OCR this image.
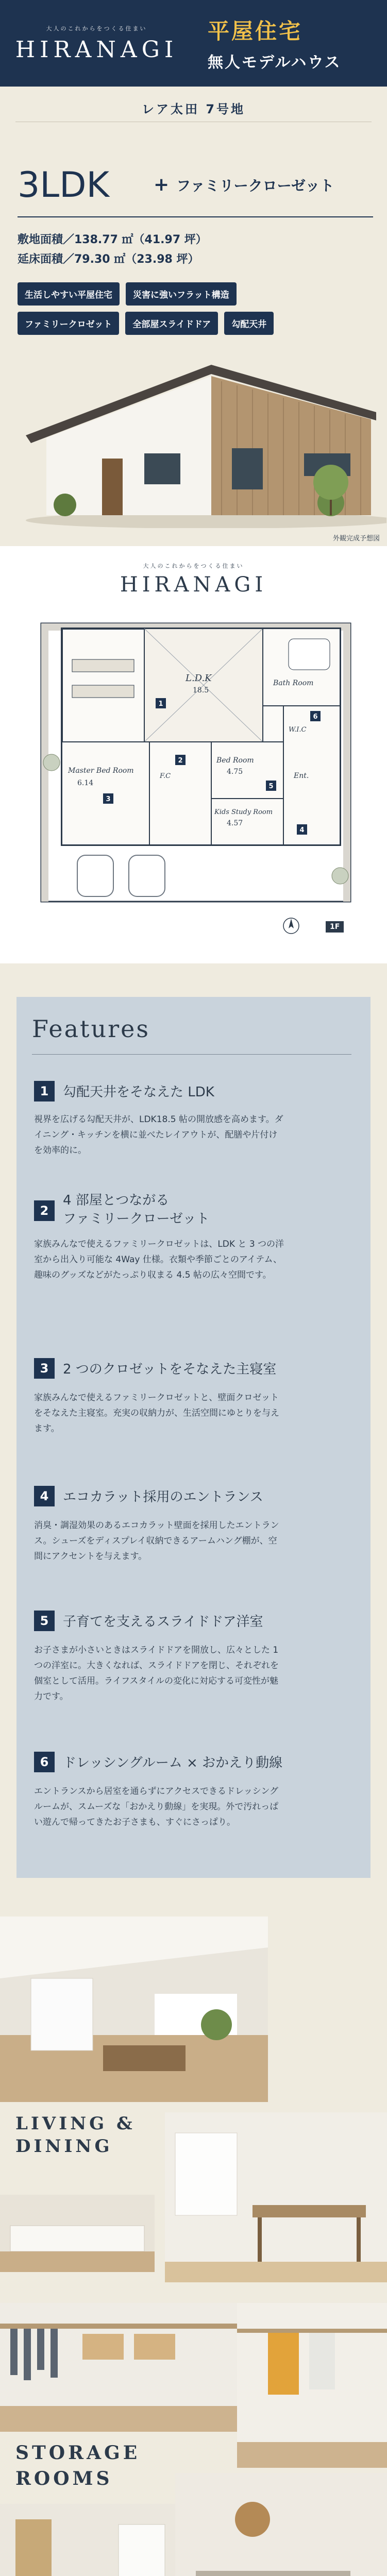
大人のこれからをつくる住まい
HIRANAGI
平屋住宅
無人モデルハウス
レア太田 7号地
3LDK + ファミリークローゼット
敷地面積／138.77 ㎡（41.97 坪）
延床面積／79.30 ㎡（23.98 坪）
生活しやすい平屋住宅	災害に強いフラット構造
ファミリークロゼット	全部屋スライドドア	勾配天井
外観完成予想図
大人のこれからをつくる住まい
HIRANAGI
L.D.K
18.5
Bath Room
Master Bed Room
6.14
Bed Room
4.75
Kids Study Room
4.57
Ent.
W.I.C
F.C
1
2
3
4
5
6
1F
Features
1	勾配天井をそなえた LDK
視界を広げる勾配天井が、LDK18.5 帖の開放感を高めます。ダ
イニング・キッチンを横に並べたレイアウトが、配膳や片付け
を効率的に。
2
4 部屋とつながる
ファミリークローゼット
家族みんなで使えるファミリークロゼットは、LDK と 3 つの洋
室から出入り可能な 4Way 仕様。衣類や季節ごとのアイテム、
趣味のグッズなどがたっぷり収まる 4.5 帖の広々空間です。
3	2 つのクロゼットをそなえた主寝室
家族みんなで使えるファミリークロゼットと、壁面クロゼット
をそなえた主寝室。充実の収納力が、生活空間にゆとりを与え
ます。
4	エコカラット採用のエントランス
消臭・調湿効果のあるエコカラット壁面を採用したエントラン
ス。シューズをディスプレイ収納できるアームハング棚が、空
間にアクセントを与えます。
5	子育てを支えるスライドドア洋室
お子さまが小さいときはスライドドアを開放し、広々とした 1
つの洋室に。大きくなれば、スライドドアを閉じ、それぞれを
個室として活用。ライフスタイルの変化に対応する可変性が魅
力です。
6	ドレッシングルーム × おかえり動線
エントランスから居室を通らずにアクセスできるドレッシング
ルームが、スムーズな「おかえり動線」を実現。外で汚れっぱ
い遊んで帰ってきたお子さまも、すぐにさっぱり。
LIVING &
DINING
STORAGE
ROOMS
